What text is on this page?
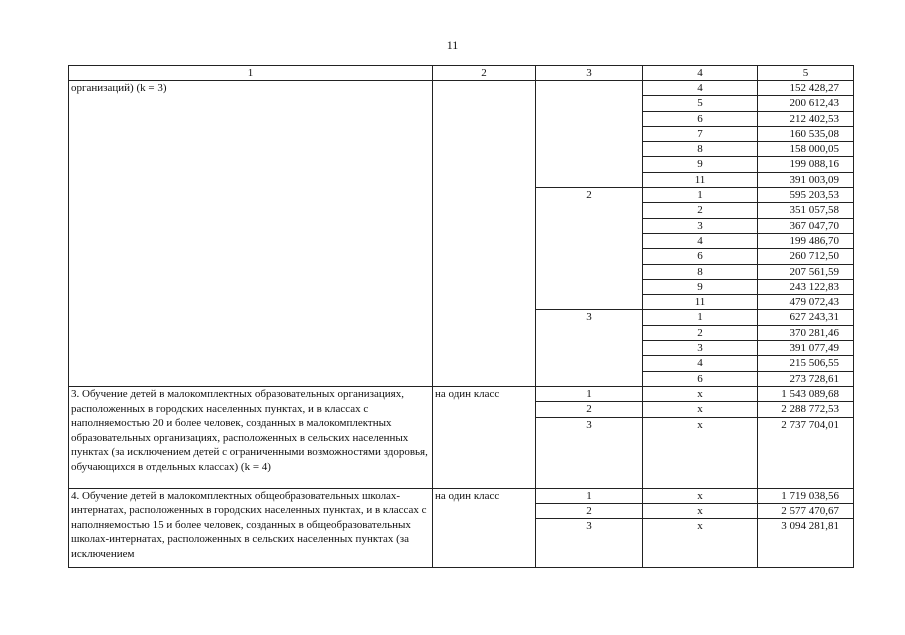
11
1	2	3	4	5
организаций) (k = 3)			4	152 428,27
			5	200 612,43
			6	212 402,53
			7	160 535,08
			8	158 000,05
			9	199 088,16
			11	391 003,09
		2	1	595 203,53
			2	351 057,58
			3	367 047,70
			4	199 486,70
			6	260 712,50
			8	207 561,59
			9	243 122,83
			11	479 072,43
		3	1	627 243,31
			2	370 281,46
			3	391 077,49
			4	215 506,55
			6	273 728,61
3. Обучение детей в малокомплектных образовательных организациях, расположенных в городских населенных пунктах, и в классах с наполняемостью 20 и более человек, созданных в малокомплектных образовательных организациях, расположенных в сельских населенных пунктах (за исключением детей с ограниченными возможностями здоровья, обучающихся в отдельных классах) (k = 4)	на один класс	1	x	1 543 089,68
		2	x	2 288 772,53
		3	x	2 737 704,01
4. Обучение детей в малокомплектных общеобразовательных школах-интернатах, расположенных в городских населенных пунктах, и в классах с наполняемостью 15 и более человек, созданных в общеобразовательных школах-интернатах, расположенных в сельских населенных пунктах (за исключением	на один класс	1	x	1 719 038,56
		2	x	2 577 470,67
		3	x	3 094 281,81
